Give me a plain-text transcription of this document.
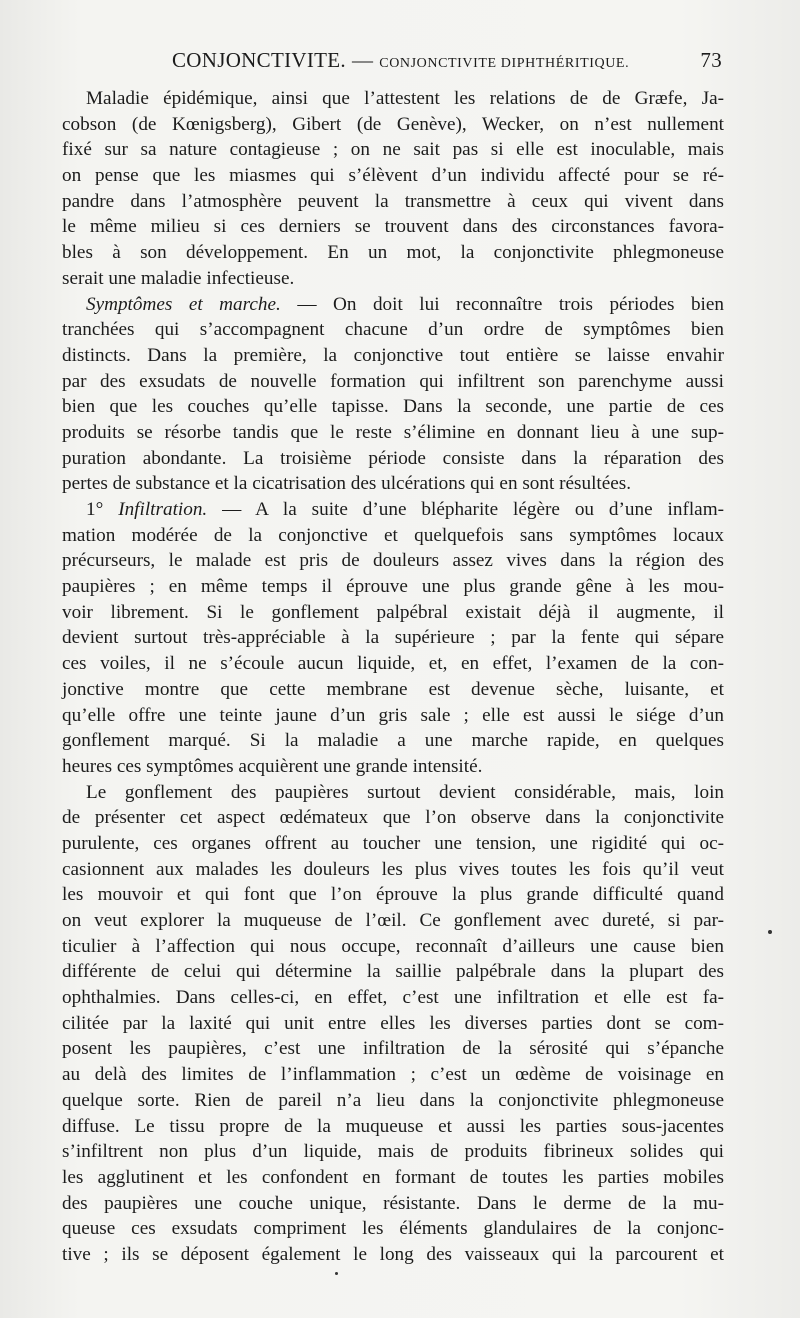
CONJONCTIVITE. — CONJONCTIVITE DIPHTHÉRITIQUE.	73
Maladie épidémique, ainsi que l’attestent les relations de de Græfe, Ja-
cobson (de Kœnigsberg), Gibert (de Genève), Wecker, on n’est nullement
fixé sur sa nature contagieuse ; on ne sait pas si elle est inoculable, mais
on pense que les miasmes qui s’élèvent d’un individu affecté pour se ré-
pandre dans l’atmosphère peuvent la transmettre à ceux qui vivent dans
le même milieu si ces derniers se trouvent dans des circonstances favora-
bles à son développement. En un mot, la conjonctivite phlegmoneuse
serait une maladie infectieuse.
Symptômes et marche. — On doit lui reconnaître trois périodes bien
tranchées qui s’accompagnent chacune d’un ordre de symptômes bien
distincts. Dans la première, la conjonctive tout entière se laisse envahir
par des exsudats de nouvelle formation qui infiltrent son parenchyme aussi
bien que les couches qu’elle tapisse. Dans la seconde, une partie de ces
produits se résorbe tandis que le reste s’élimine en donnant lieu à une sup-
puration abondante. La troisième période consiste dans la réparation des
pertes de substance et la cicatrisation des ulcérations qui en sont résultées.
1° Infiltration. — A la suite d’une blépharite légère ou d’une inflam-
mation modérée de la conjonctive et quelquefois sans symptômes locaux
précurseurs, le malade est pris de douleurs assez vives dans la région des
paupières ; en même temps il éprouve une plus grande gêne à les mou-
voir librement. Si le gonflement palpébral existait déjà il augmente, il
devient surtout très-appréciable à la supérieure ; par la fente qui sépare
ces voiles, il ne s’écoule aucun liquide, et, en effet, l’examen de la con-
jonctive montre que cette membrane est devenue sèche, luisante, et
qu’elle offre une teinte jaune d’un gris sale ; elle est aussi le siége d’un
gonflement marqué. Si la maladie a une marche rapide, en quelques
heures ces symptômes acquièrent une grande intensité.
Le gonflement des paupières surtout devient considérable, mais, loin
de présenter cet aspect œdémateux que l’on observe dans la conjonctivite
purulente, ces organes offrent au toucher une tension, une rigidité qui oc-
casionnent aux malades les douleurs les plus vives toutes les fois qu’il veut
les mouvoir et qui font que l’on éprouve la plus grande difficulté quand
on veut explorer la muqueuse de l’œil. Ce gonflement avec dureté, si par-
ticulier à l’affection qui nous occupe, reconnaît d’ailleurs une cause bien
différente de celui qui détermine la saillie palpébrale dans la plupart des
ophthalmies. Dans celles-ci, en effet, c’est une infiltration et elle est fa-
cilitée par la laxité qui unit entre elles les diverses parties dont se com-
posent les paupières, c’est une infiltration de la sérosité qui s’épanche
au delà des limites de l’inflammation ; c’est un œdème de voisinage en
quelque sorte. Rien de pareil n’a lieu dans la conjonctivite phlegmoneuse
diffuse. Le tissu propre de la muqueuse et aussi les parties sous-jacentes
s’infiltrent non plus d’un liquide, mais de produits fibrineux solides qui
les agglutinent et les confondent en formant de toutes les parties mobiles
des paupières une couche unique, résistante. Dans le derme de la mu-
queuse ces exsudats compriment les éléments glandulaires de la conjonc-
tive ; ils se déposent également le long des vaisseaux qui la parcourent et
